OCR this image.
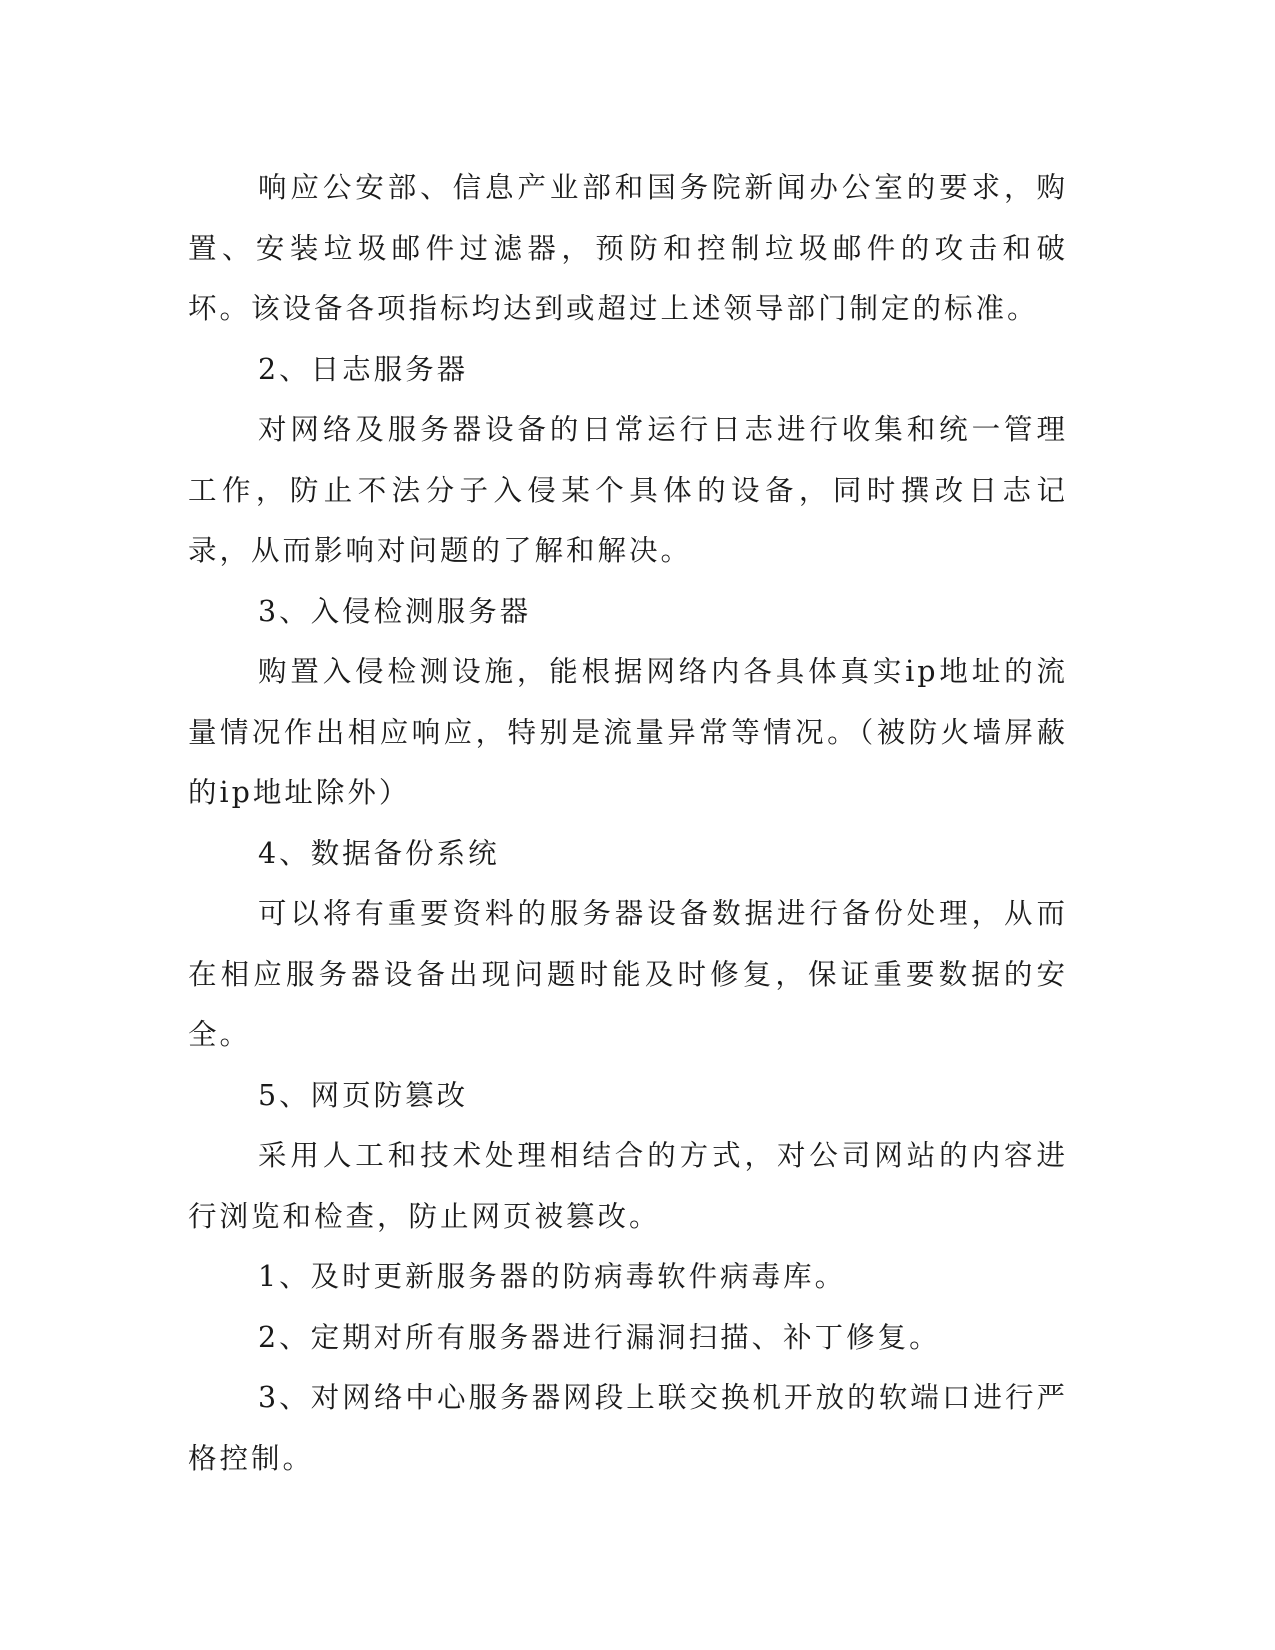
响应公安部、信息产业部和国务院新闻办公室的要求，购置、安装垃圾邮件过滤器，预防和控制垃圾邮件的攻击和破坏。该设备各项指标均达到或超过上述领导部门制定的标准。

2、日志服务器

对网络及服务器设备的日常运行日志进行收集和统一管理工作，防止不法分子入侵某个具体的设备，同时撰改日志记录，从而影响对问题的了解和解决。

3、入侵检测服务器

购置入侵检测设施，能根据网络内各具体真实ip地址的流量情况作出相应响应，特别是流量异常等情况。（被防火墙屏蔽的ip地址除外）

4、数据备份系统

可以将有重要资料的服务器设备数据进行备份处理，从而在相应服务器设备出现问题时能及时修复，保证重要数据的安全。

5、网页防篡改

采用人工和技术处理相结合的方式，对公司网站的内容进行浏览和检查，防止网页被篡改。

1、及时更新服务器的防病毒软件病毒库。

2、定期对所有服务器进行漏洞扫描、补丁修复。

3、对网络中心服务器网段上联交换机开放的软端口进行严格控制。
